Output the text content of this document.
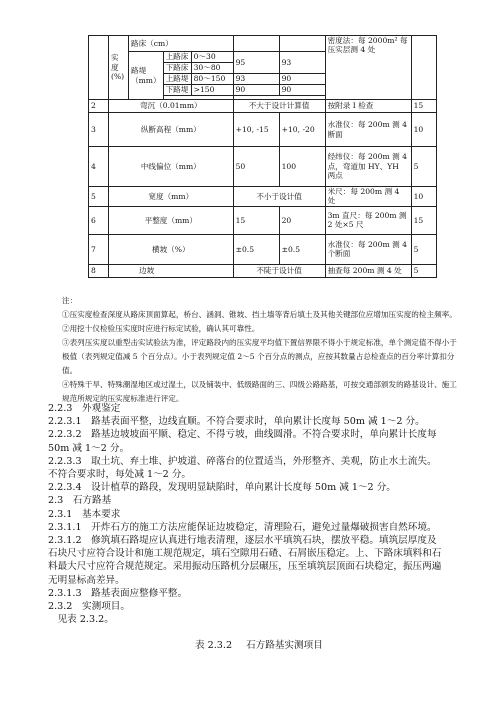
	实度(%)	路床（cm）					密度法：每 2000m² 每压实层测 4 处	
		路堤（mm）	上路床	0～30	95	93		
			下路床	30～80				
			上路堤	80～150	93	90		
			下路堤	>150	90	90		

2	弯沉（0.01mm）				不大于设计计算值		按附录 I 检查	15
3	纵断高程（mm）				+10, -15	+10, -20	水准仪：每 200m 测 4 断面	10
4	中线偏位（mm）				50	100	经纬仪：每 200m 测 4 点，弯道加 HY、YH 两点	5
5	宽度（mm）				不小于设计值		米尺：每 200m 测 4 处	10
6	平整度（mm）				15	20	3m 直尺：每 200m 测 2 处×5 尺	15
7	横坡（%）				±0.5	±0.5	水准仪：每 200m 测 4 个断面	5
8	边坡				不陡于设计值		抽查每 200m 测 4 处	5

注：

①压实度检查深度从路床顶面算起，桥台、涵洞、锥坡、挡土墙等背后填土及其他关键部位应增加压实度的检主频率。

②用挖十仪检验压实度时应进行标定试验，确认其可靠性。

③表列压实度以重型击实试验法为准，评定路段内的压实度平均值下置信界限不得小于规定标准，单个测定值不得小于极值（表列规定值减 5 个百分点）。小于表列规定值 2～5 个百分点的测点，应按其数量占总检查点的百分率计算扣分值。

④特殊干旱、特殊潮湿地区或过湿土，以及铺装中、低级路面的三、四级公路路基，可按交通部颁发的路基设计、施工规范所规定的压实度标准进行评定。

2.2.3　外观鉴定

2.2.3.1　路基表面平整，边线直顺。不符合要求时，单向累计长度每 50m 减 1～2 分。

2.2.3.2　路基边坡坡面平顺、稳定、不得亏坡，曲线圆滑。不符合要求时，单向累计长度每

50m 减 1～2 分。

2.2.3.3　取土坑、弃土堆、护坡道、碎落台的位置适当，外形整齐、美观，防止水土流失。

不符合要求时，每处减 1～2 分。

2.2.3.4　设计植草的路段，发现明显缺陷时，单向累计长度每 50m 减 1～2 分。

2.3　石方路基

2.3.1　基本要求

2.3.1.1　开炸石方的施工方法应能保证边坡稳定，清理险石，避免过量爆破损害自然环境。

2.3.1.2　修筑填石路堤应认真进行地表清理，逐层水平填筑石块，摆放平稳。填筑层厚度及

石块尺寸应符合设计和施工规范规定，填石空隙用石碴、石屑嵌压稳定。上、下路床填料和石

料最大尺寸应符合规范规定。采用振动压路机分层碾压，压至填筑层顶面石块稳定，振压两遍

无明显标高差异。

2.3.1.3　路基表面应整修平整。

2.3.2　实测项目。

　见表 2.3.2。

表 2.3.2 石方路基实测项目
